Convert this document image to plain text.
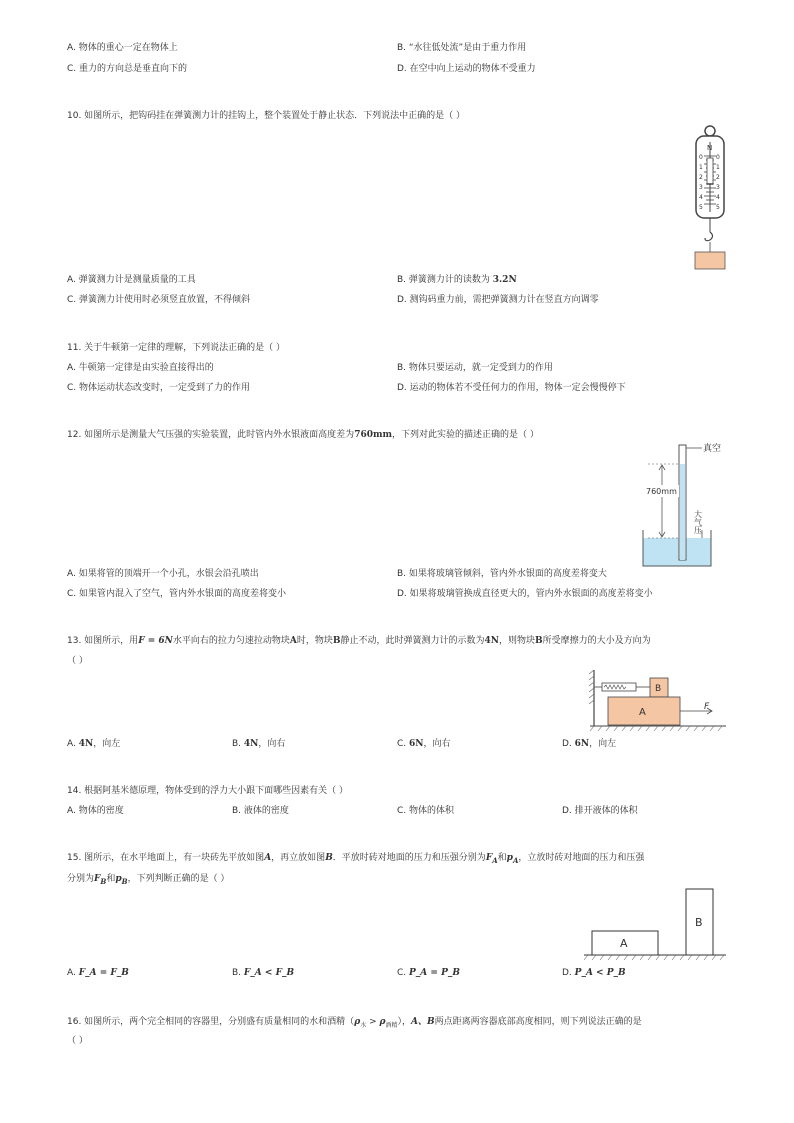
A. 物体的重心一定在物体上	B. “水往低处流”是由于重力作用
C. 重力的方向总是垂直向下的	D. 在空中向上运动的物体不受重力
10. 如图所示，把钩码挂在弹簧测力计的挂钩上，整个装置处于静止状态．下列说法中正确的是（ ）
0
1
2
3
4
5
0
1
2
3
4
5
N
A. 弹簧测力计是测量质量的工具	B. 弹簧测力计的读数为 3.2N
C. 弹簧测力计使用时必须竖直放置，不得倾斜	D. 测钩码重力前，需把弹簧测力计在竖直方向调零
11. 关于牛顿第一定律的理解，下列说法正确的是（ ）
A. 牛顿第一定律是由实验直接得出的	B. 物体只要运动，就一定受到力的作用
C. 物体运动状态改变时，一定受到了力的作用	D. 运动的物体若不受任何力的作用，物体一定会慢慢停下
12. 如图所示是测量大气压强的实验装置，此时管内外水银液面高度差为760mm，下列对此实验的描述正确的是（ ）
真空
760mm
大气压
A. 如果将管的顶端开一个小孔，水银会沿孔喷出	B. 如果将玻璃管倾斜，管内外水银面的高度差将变大
C. 如果管内混入了空气，管内外水银面的高度差将变小	D. 如果将玻璃管换成直径更大的，管内外水银面的高度差将变小
13. 如图所示，用F = 6N水平向右的拉力匀速拉动物块A时，物块B静止不动，此时弹簧测力计的示数为4N，则物块B所受摩擦力的大小及方向为
（ ）
B
A	F
A. 4N，向左	B. 4N，向右	C. 6N，向右	D. 6N，向左
14. 根据阿基米德原理，物体受到的浮力大小跟下面哪些因素有关（ ）
A. 物体的密度	B. 液体的密度	C. 物体的体积	D. 排开液体的体积
15. 图所示，在水平地面上，有一块砖先平放如图A，再立放如图B．平放时砖对地面的压力和压强分别为$F_A$和$p_A$，立放时砖对地面的压力和压强
分别为$F_B$和$p_B$，下列判断正确的是（ ）
A
B
A. F_A = F_B	B. F_A < F_B	C. P_A = P_B	D. P_A < P_B
16. 如图所示，两个完全相同的容器里，分别盛有质量相同的水和酒精$(\rho_水 > \rho_{酒精})$，A、B两点距离两容器底部高度相同，则下列说法正确的是
（ ）
